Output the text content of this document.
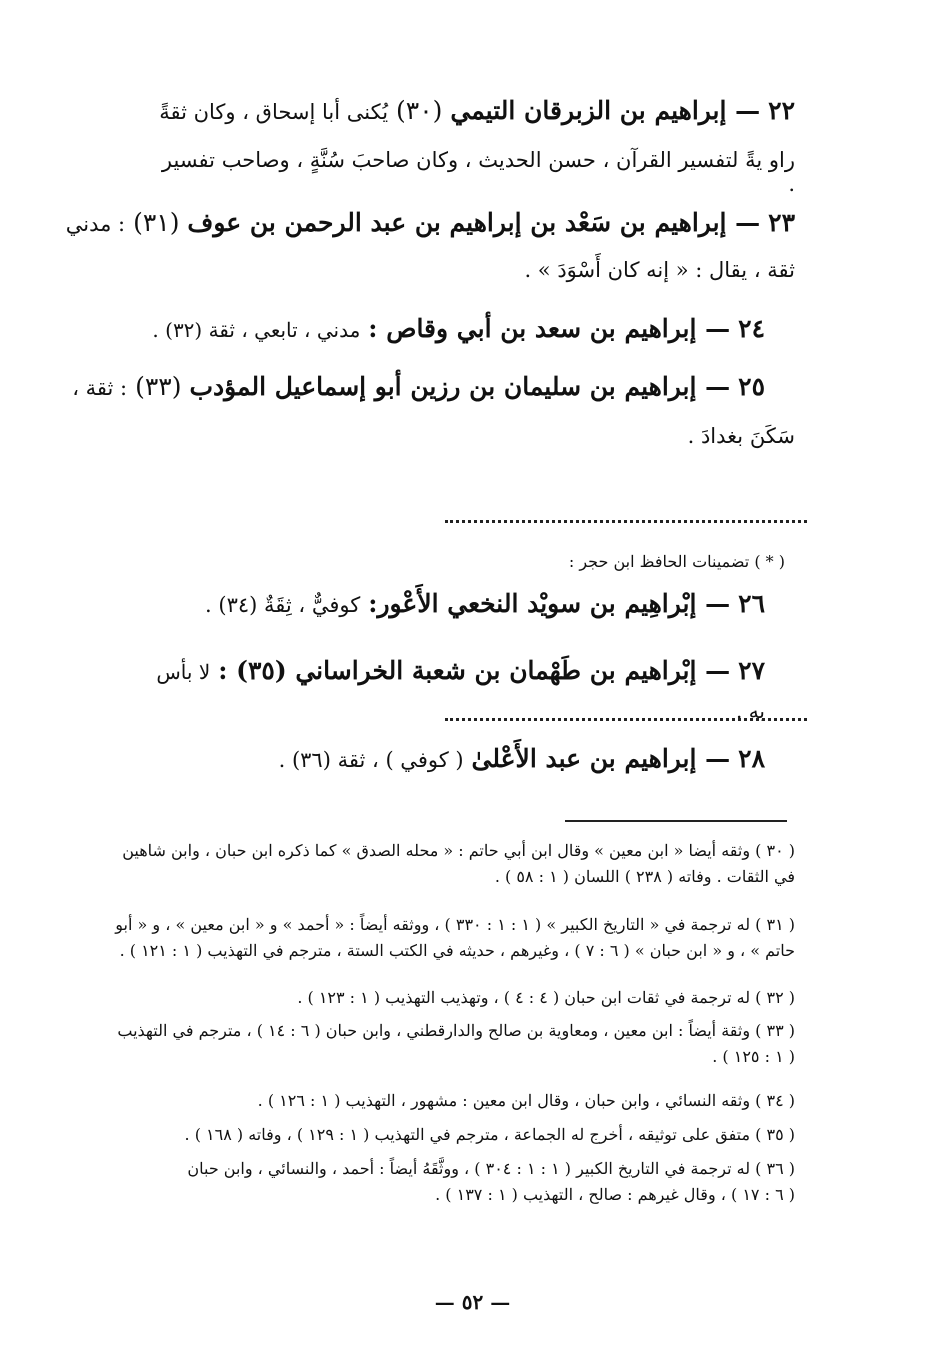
٢٢ — إبراهيم بن الزبرقان التيمي (٣٠) يُكنى أبا إسحاق ، وكان ثقةً
راو يةً لتفسير القرآن ، حسن الحديث ، وكان صاحبَ سُنَّةٍ ، وصاحب تفسير .
٢٣ — إبراهيم بن سَعْد بن إبراهيم بن عبد الرحمن بن عوف (٣١) : مدني
ثقة ، يقال : « إنه كان أَسْوَدَ » .
٢٤ — إبراهيم بن سعد بن أبي وقاص : مدني ، تابعي ، ثقة (٣٢) .
٢٥ — إبراهيم بن سليمان بن رزين أبو إسماعيل المؤدب (٣٣) : ثقة ،
سَكَنَ بغدادَ .
( * ) تضمينات الحافظ ابن حجر :
٢٦ — إبْراهِيم بن سويْد النخعي الأَعْور: كوفيٌّ ، ثِقَةٌ (٣٤) .
٢٧ — إبْراهيم بن طَهْمان بن شعبة الخراساني (٣٥) : لا بأس به .
٢٨ — إبراهيم بن عبد الأَعْلىٰ ( كوفي ) ، ثقة (٣٦) .
( ٣٠ ) وثقه أيضا « ابن معين » وقال ابن أبي حاتم : « محله الصدق » كما ذكره ابن حبان ، وابن شاهين
في الثقات . وفاته ( ٢٣٨ ) اللسان ( ١ : ٥٨ ) .
( ٣١ ) له ترجمة في « التاريخ الكبير » ( ١ : ١ : ٣٣٠ ) ، ووثقه أيضاً : « أحمد » و « ابن معين » ، و « أبو
حاتم » ، و « ابن حبان » ( ٦ : ٧ ) ، وغيرهم ، حديثه في الكتب الستة ، مترجم في التهذيب ( ١ : ١٢١ ) .
( ٣٢ ) له ترجمة في ثقات ابن حبان ( ٤ : ٤ ) ، وتهذيب التهذيب ( ١ : ١٢٣ ) .
( ٣٣ ) وثقة أيضاً : ابن معين ، ومعاوية بن صالح والدارقطني ، وابن حبان ( ٦ : ١٤ ) ، مترجم في التهذيب
( ١ : ١٢٥ ) .
( ٣٤ ) وثقه النسائي ، وابن حبان ، وقال ابن معين : مشهور ، التهذيب ( ١ : ١٢٦ ) .
( ٣٥ ) متفق على توثيقه ، أخرج له الجماعة ، مترجم في التهذيب ( ١ : ١٢٩ ) ، وفاته ( ١٦٨ ) .
( ٣٦ ) له ترجمة في التاريخ الكبير ( ١ : ١ : ٣٠٤ ) ، ووثَّقَهُ أيضاً : أحمد ، والنسائي ، وابن حبان
( ٦ : ١٧ ) ، وقال غيرهم : صالح ، التهذيب ( ١ : ١٣٧ ) .
— ٥٢ —
